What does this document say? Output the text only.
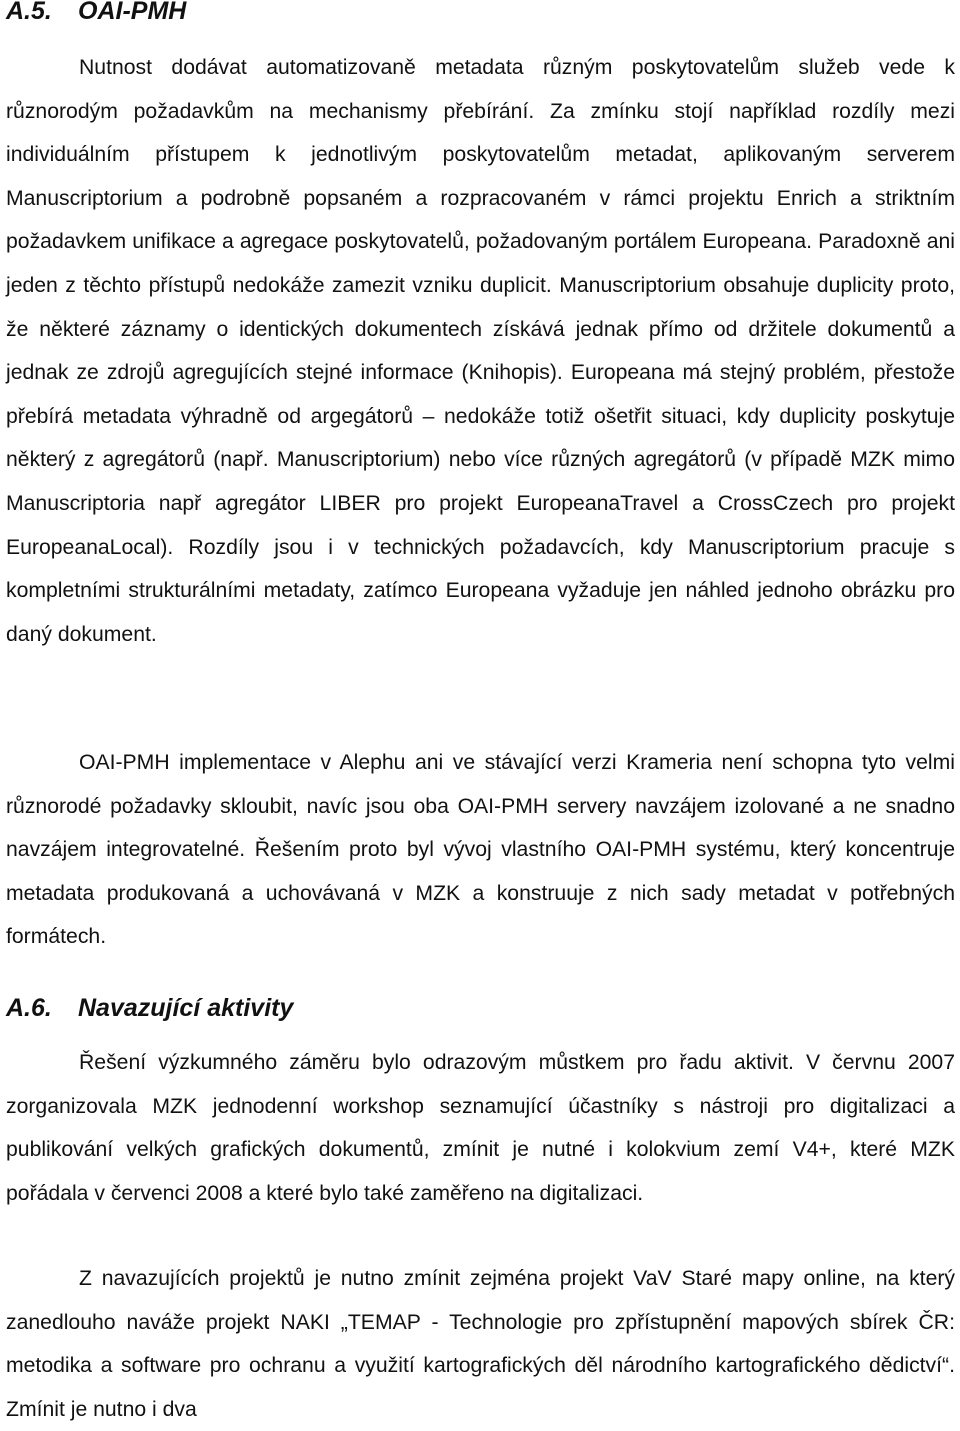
A.5. OAI-PMH

Nutnost dodávat automatizovaně metadata různým poskytovatelům služeb vede k různorodým požadavkům na mechanismy přebírání. Za zmínku stojí například rozdíly mezi individuálním přístupem k jednotlivým poskytovatelům metadat, aplikovaným serverem Manuscriptorium a podrobně popsaném a rozpracovaném v rámci projektu Enrich a striktním požadavkem unifikace a agregace poskytovatelů, požadovaným portálem Europeana. Paradoxně ani jeden z těchto přístupů nedokáže zamezit vzniku duplicit. Manuscriptorium obsahuje duplicity proto, že některé záznamy o identických dokumentech získává jednak přímo od držitele dokumentů a jednak ze zdrojů agregujících stejné informace (Knihopis). Europeana má stejný problém, přestože přebírá metadata výhradně od argegátorů – nedokáže totiž ošetřit situaci, kdy duplicity poskytuje některý z agregátorů (např. Manuscriptorium) nebo více různých agregátorů (v případě MZK mimo Manuscriptoria např agregátor LIBER pro projekt EuropeanaTravel a CrossCzech pro projekt EuropeanaLocal). Rozdíly jsou i v technických požadavcích, kdy Manuscriptorium pracuje s kompletními strukturálními metadaty, zatímco Europeana vyžaduje jen náhled jednoho obrázku pro daný dokument.

OAI-PMH implementace v Alephu ani ve stávající verzi Krameria není schopna tyto velmi různorodé požadavky skloubit, navíc jsou oba OAI-PMH servery navzájem izolované a ne snadno navzájem integrovatelné. Řešením proto byl vývoj vlastního OAI-PMH systému, který koncentruje metadata produkovaná a uchovávaná v MZK a konstruuje z nich sady metadat v potřebných formátech.

A.6. Navazující aktivity

Řešení výzkumného záměru bylo odrazovým můstkem pro řadu aktivit. V červnu 2007 zorganizovala MZK jednodenní workshop seznamující účastníky s nástroji pro digitalizaci a publikování velkých grafických dokumentů, zmínit je nutné i kolokvium zemí V4+, které MZK pořádala v červenci 2008 a které bylo také zaměřeno na digitalizaci.

Z navazujících projektů je nutno zmínit zejména projekt VaV Staré mapy online, na který zanedlouho naváže projekt NAKI „TEMAP - Technologie pro zpřístupnění mapových sbírek ČR: metodika a software pro ochranu a využití kartografických děl národního kartografického dědictví“. Zmínit je nutno i dva
